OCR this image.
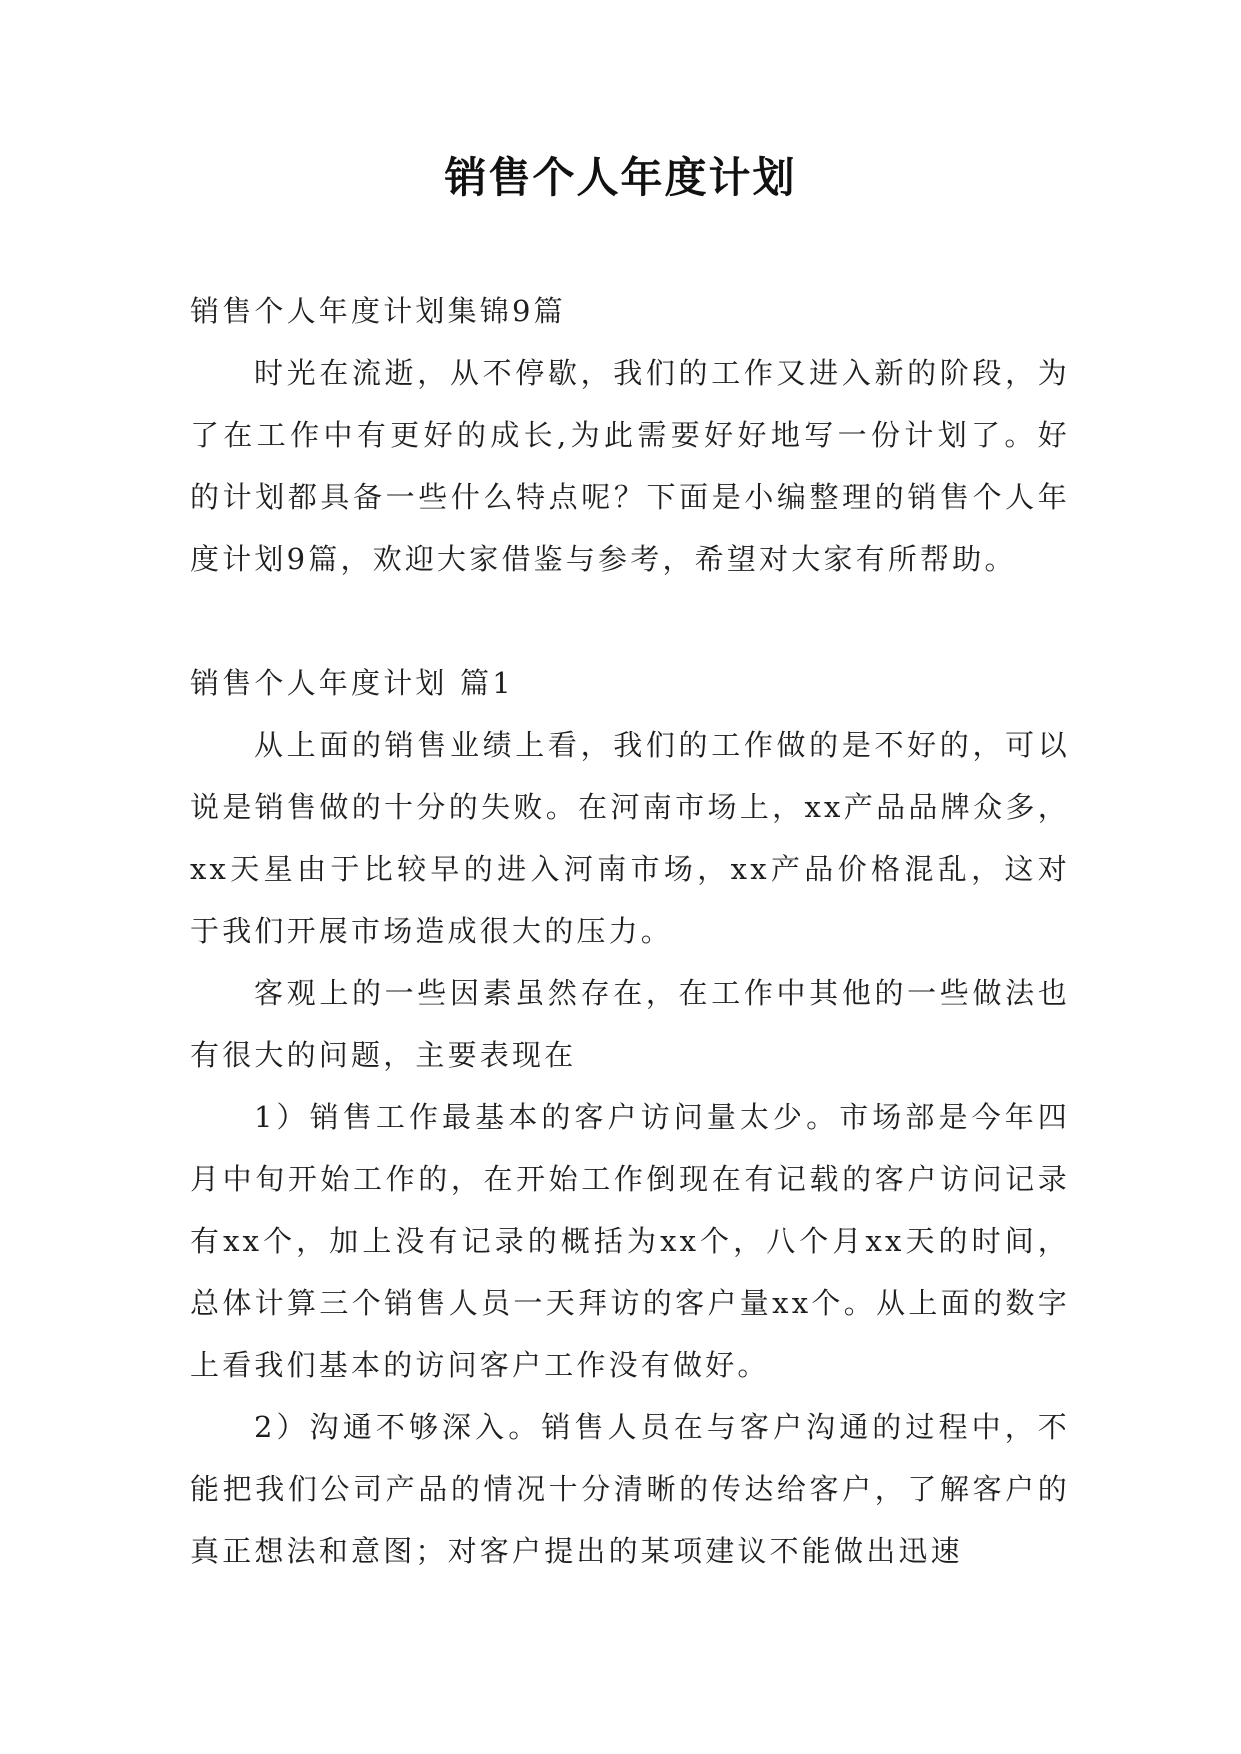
销售个人年度计划

销售个人年度计划集锦9篇

时光在流逝，从不停歇，我们的工作又进入新的阶段，为了在工作中有更好的成长,为此需要好好地写一份计划了。好的计划都具备一些什么特点呢？下面是小编整理的销售个人年度计划9篇，欢迎大家借鉴与参考，希望对大家有所帮助。

销售个人年度计划 篇1

从上面的销售业绩上看，我们的工作做的是不好的，可以说是销售做的十分的失败。在河南市场上，xx产品品牌众多，xx天星由于比较早的进入河南市场，xx产品价格混乱，这对于我们开展市场造成很大的压力。

客观上的一些因素虽然存在，在工作中其他的一些做法也有很大的问题，主要表现在

1）销售工作最基本的客户访问量太少。市场部是今年四月中旬开始工作的，在开始工作倒现在有记载的客户访问记录有xx个，加上没有记录的概括为xx个，八个月xx天的时间，总体计算三个销售人员一天拜访的客户量xx个。从上面的数字上看我们基本的访问客户工作没有做好。

2）沟通不够深入。销售人员在与客户沟通的过程中，不能把我们公司产品的情况十分清晰的传达给客户，了解客户的真正想法和意图；对客户提出的某项建议不能做出迅速
